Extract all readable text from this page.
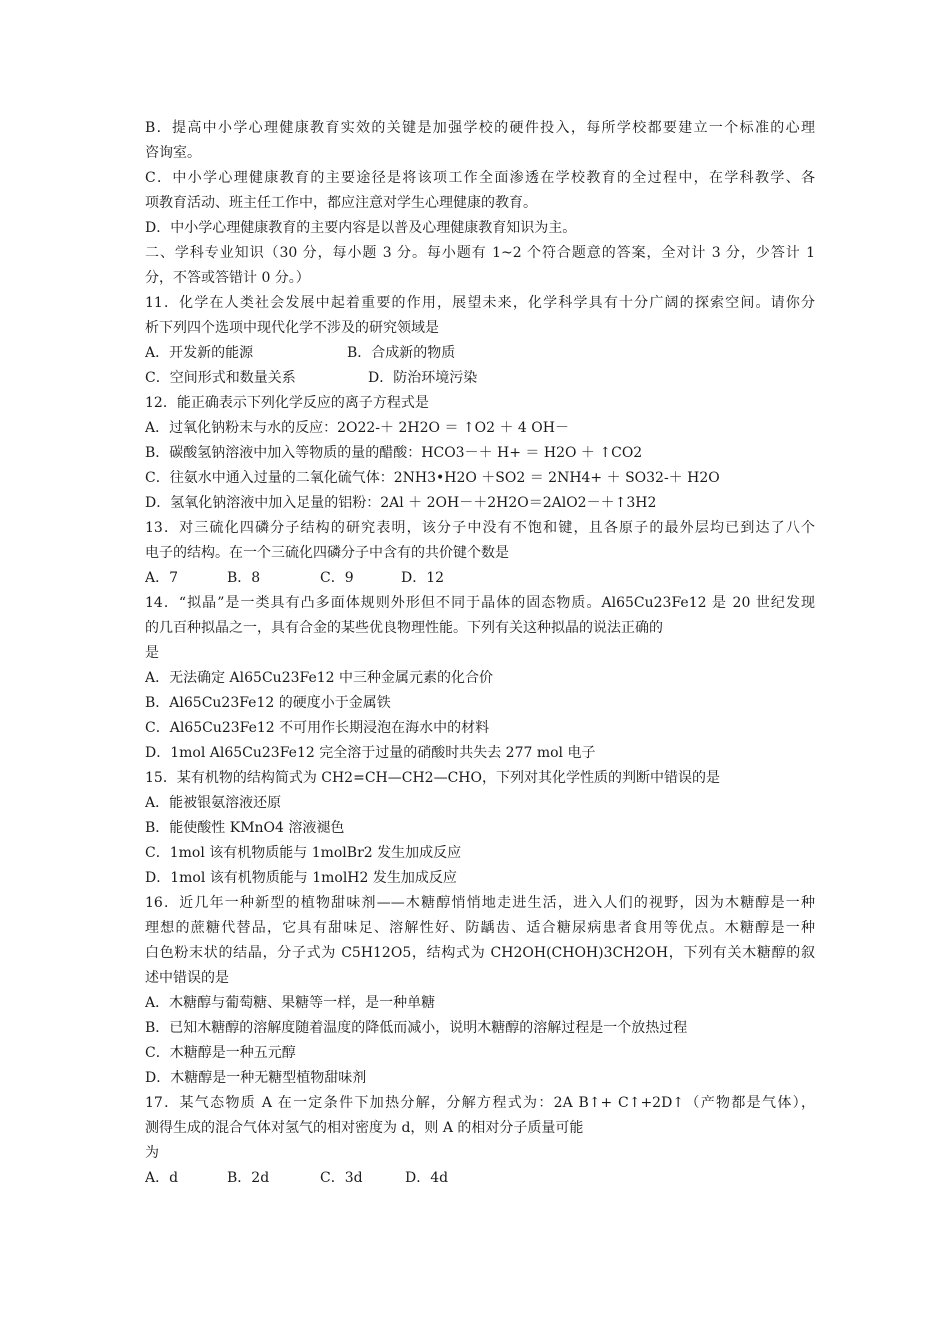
B．提高中小学心理健康教育实效的关键是加强学校的硬件投入，每所学校都要建立一个标准的心理
咨询室。
C．中小学心理健康教育的主要途径是将该项工作全面渗透在学校教育的全过程中，在学科教学、各
项教育活动、班主任工作中，都应注意对学生心理健康的教育。
D．中小学心理健康教育的主要内容是以普及心理健康教育知识为主。
二、学科专业知识（30 分，每小题 3 分。每小题有 1~2 个符合题意的答案，全对计 3 分，少答计 1
分，不答或答错计 0 分。）
11．化学在人类社会发展中起着重要的作用，展望未来，化学科学具有十分广阔的探索空间。请你分
析下列四个选项中现代化学不涉及的研究领域是
A．开发新的能源	B．合成新的物质
C．空间形式和数量关系	D．防治环境污染
12．能正确表示下列化学反应的离子方程式是
A．过氧化钠粉末与水的反应：2O22-＋ 2H2O ＝ ↑O2 ＋ 4 OH－
B．碳酸氢钠溶液中加入等物质的量的醋酸：HCO3－＋ H+ ＝ H2O ＋ ↑CO2
C．往氨水中通入过量的二氧化硫气体：2NH3•H2O ＋SO2 ＝ 2NH4+ ＋ SO32-＋ H2O
D．氢氧化钠溶液中加入足量的铝粉：2Al ＋ 2OH－＋2H2O＝2AlO2－＋↑3H2
13．对三硫化四磷分子结构的研究表明，该分子中没有不饱和键，且各原子的最外层均已到达了八个
电子的结构。在一个三硫化四磷分子中含有的共价键个数是
A．7	B．8	C．9	D．12
14．“拟晶”是一类具有凸多面体规则外形但不同于晶体的固态物质。Al65Cu23Fe12 是 20 世纪发现
的几百种拟晶之一，具有合金的某些优良物理性能。下列有关这种拟晶的说法正确的
是
A．无法确定 Al65Cu23Fe12 中三种金属元素的化合价
B．Al65Cu23Fe12 的硬度小于金属铁
C．Al65Cu23Fe12 不可用作长期浸泡在海水中的材料
D．1mol Al65Cu23Fe12 完全溶于过量的硝酸时共失去 277 mol 电子
15．某有机物的结构简式为 CH2=CH—CH2—CHO，下列对其化学性质的判断中错误的是
A．能被银氨溶液还原
B．能使酸性 KMnO4 溶液褪色
C．1mol 该有机物质能与 1molBr2 发生加成反应
D．1mol 该有机物质能与 1molH2 发生加成反应
16．近几年一种新型的植物甜味剂——木糖醇悄悄地走进生活，进入人们的视野，因为木糖醇是一种
理想的蔗糖代替品，它具有甜味足、溶解性好、防龋齿、适合糖尿病患者食用等优点。木糖醇是一种
白色粉末状的结晶，分子式为 C5H12O5，结构式为 CH2OH(CHOH)3CH2OH，下列有关木糖醇的叙
述中错误的是
A．木糖醇与葡萄糖、果糖等一样，是一种单糖
B．已知木糖醇的溶解度随着温度的降低而减小，说明木糖醇的溶解过程是一个放热过程
C．木糖醇是一种五元醇
D．木糖醇是一种无糖型植物甜味剂
17．某气态物质 A 在一定条件下加热分解，分解方程式为：2A B↑+ C↑+2D↑（产物都是气体），
测得生成的混合气体对氢气的相对密度为 d，则 A 的相对分子质量可能
为
A．d	B．2d	C．3d	D．4d
